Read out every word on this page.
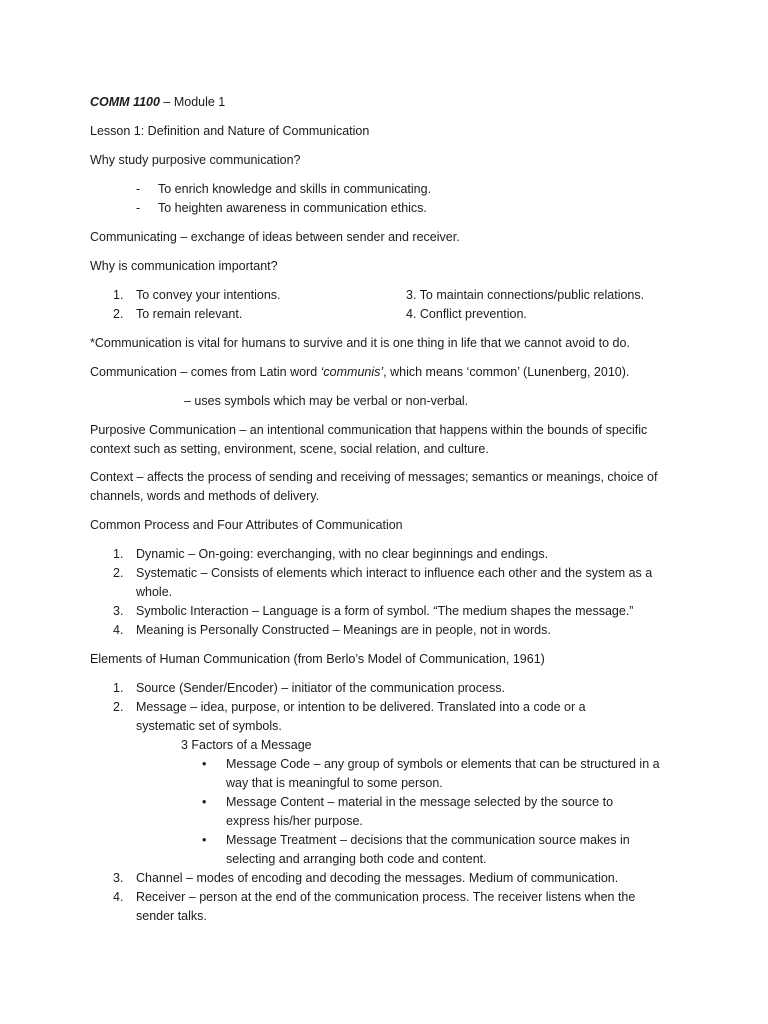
COMM 1100 – Module 1
Lesson 1: Definition and Nature of Communication
Why study purposive communication?
- To enrich knowledge and skills in communicating.
- To heighten awareness in communication ethics.
Communicating – exchange of ideas between sender and receiver.
Why is communication important?
1. To convey your intentions.	3. To maintain connections/public relations.
2. To remain relevant.	4. Conflict prevention.
*Communication is vital for humans to survive and it is one thing in life that we cannot avoid to do.
Communication – comes from Latin word ‘communis’, which means ‘common’ (Lunenberg, 2010).
– uses symbols which may be verbal or non-verbal.
Purposive Communication – an intentional communication that happens within the bounds of specific context such as setting, environment, scene, social relation, and culture.
Context – affects the process of sending and receiving of messages; semantics or meanings, choice of channels, words and methods of delivery.
Common Process and Four Attributes of Communication
1. Dynamic – On-going: everchanging, with no clear beginnings and endings.
2. Systematic – Consists of elements which interact to influence each other and the system as a whole.
3. Symbolic Interaction – Language is a form of symbol. “The medium shapes the message.”
4. Meaning is Personally Constructed – Meanings are in people, not in words.
Elements of Human Communication (from Berlo’s Model of Communication, 1961)
1. Source (Sender/Encoder) – initiator of the communication process.
2. Message – idea, purpose, or intention to be delivered. Translated into a code or a systematic set of symbols.
3 Factors of a Message
• Message Code – any group of symbols or elements that can be structured in a way that is meaningful to some person.
• Message Content – material in the message selected by the source to express his/her purpose.
• Message Treatment – decisions that the communication source makes in selecting and arranging both code and content.
3. Channel – modes of encoding and decoding the messages. Medium of communication.
4. Receiver – person at the end of the communication process. The receiver listens when the sender talks.
